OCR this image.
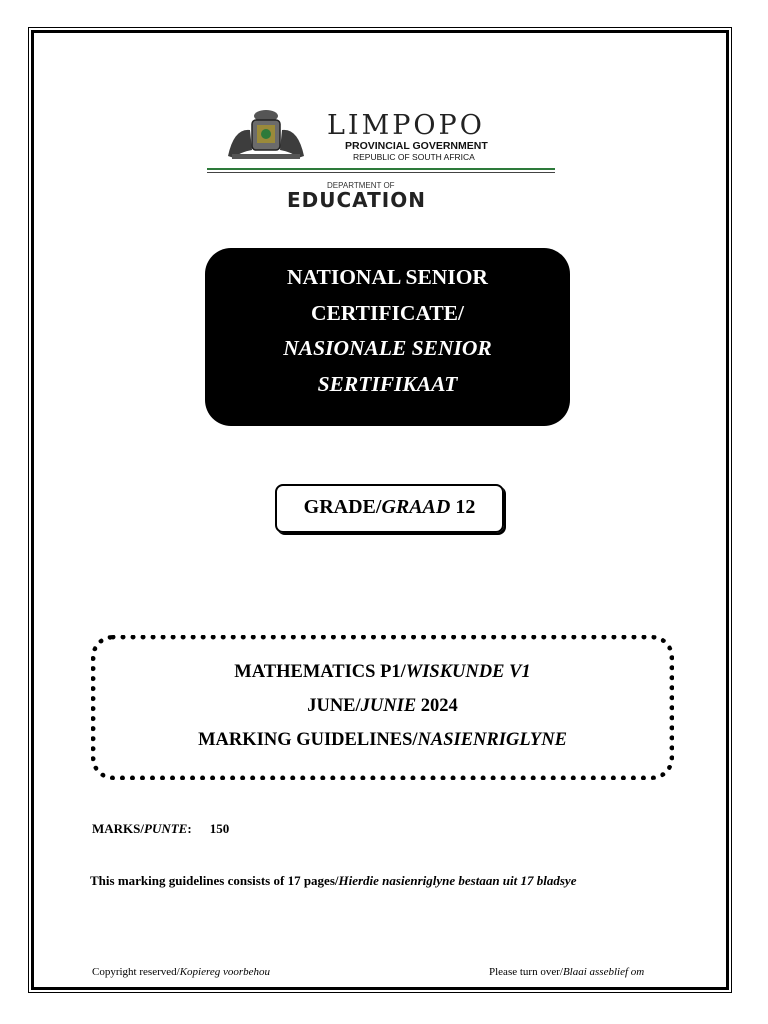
LIMPOPO
PROVINCIAL GOVERNMENT
REPUBLIC OF SOUTH AFRICA
DEPARTMENT OF
EDUCATION
NATIONAL SENIOR
CERTIFICATE/
NASIONALE SENIOR
SERTIFIKAAT
GRADE/GRAAD 12
MATHEMATICS P1/WISKUNDE V1
JUNE/JUNIE 2024
MARKING GUIDELINES/NASIENRIGLYNE
MARKS/PUNTE: 150
This marking guidelines consists of 17 pages/Hierdie nasienriglyne bestaan uit 17 bladsye
Copyright reserved/Kopiereg voorbehou	Please turn over/Blaai asseblief om
